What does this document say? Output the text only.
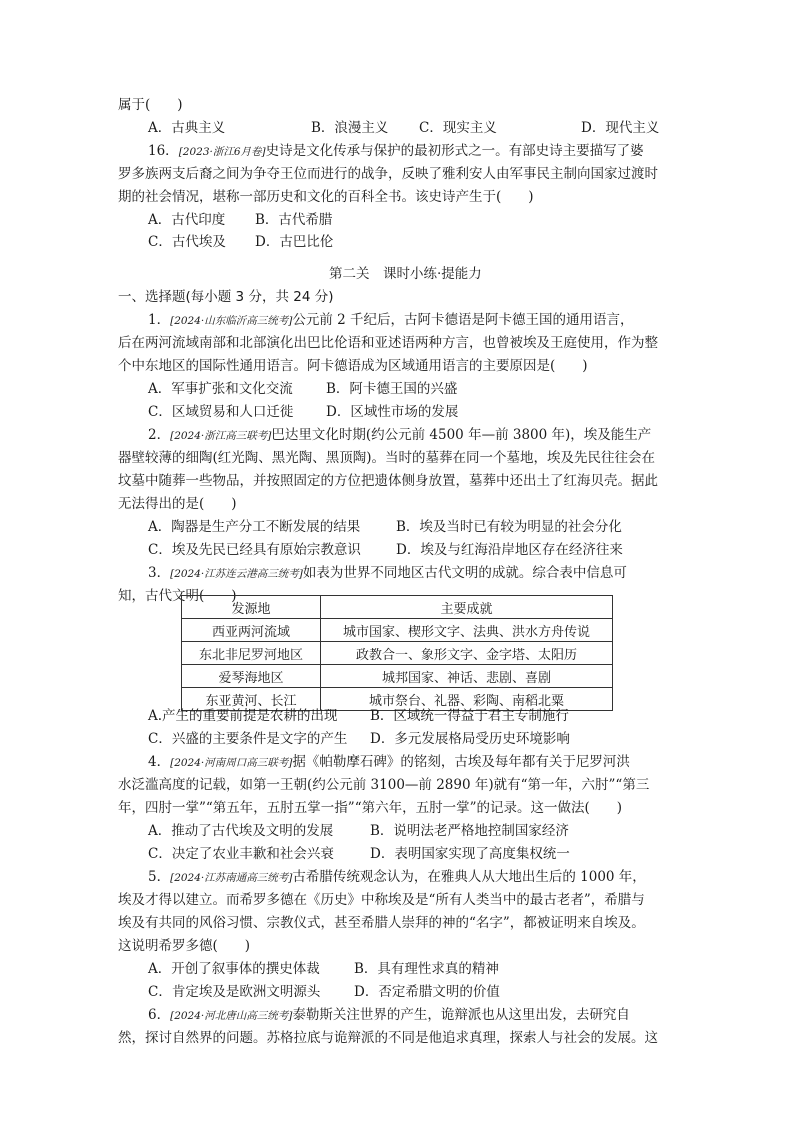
属于(　　)
A．古典主义	B．浪漫主义 C．现实主义	D．现代主义
16．[2023·浙江6月卷]史诗是文化传承与保护的最初形式之一。有部史诗主要描写了婆
罗多族两支后裔之间为争夺王位而进行的战争，反映了雅利安人由军事民主制向国家过渡时
期的社会情况，堪称一部历史和文化的百科全书。该史诗产生于(　　)
A．古代印度 B．古代希腊
C．古代埃及 D．古巴比伦
第二关　课时小练·提能力
一、选择题(每小题 3 分，共 24 分)
1．[2024·山东临沂高三统考]公元前 2 千纪后，古阿卡德语是阿卡德王国的通用语言，
后在两河流域南部和北部演化出巴比伦语和亚述语两种方言，也曾被埃及王庭使用，作为整
个中东地区的国际性通用语言。阿卡德语成为区域通用语言的主要原因是(　　)
A．军事扩张和文化交流 B．阿卡德王国的兴盛
C．区域贸易和人口迁徙 D．区域性市场的发展
2．[2024·浙江高三联考]巴达里文化时期(约公元前 4500 年—前 3800 年)，埃及能生产
器壁较薄的细陶(红光陶、黑光陶、黑顶陶)。当时的墓葬在同一个墓地，埃及先民往往会在
坟墓中随葬一些物品，并按照固定的方位把遗体侧身放置，墓葬中还出土了红海贝壳。据此
无法得出的是(　　)
A．陶器是生产分工不断发展的结果	B．埃及当时已有较为明显的社会分化
C．埃及先民已经具有原始宗教意识	D．埃及与红海沿岸地区存在经济往来
3．[2024·江苏连云港高三统考]如表为世界不同地区古代文明的成就。综合表中信息可
知，古代文明(　　)
发源地	主要成就
西亚两河流域	城市国家、楔形文字、法典、洪水方舟传说
东北非尼罗河地区	政教合一、象形文字、金字塔、太阳历
爱琴海地区	城邦国家、神话、悲剧、喜剧
东亚黄河、长江	城市祭台、礼器、彩陶、南稻北粟
A.产生的重要前提是农耕的出现 B．区域统一得益于君主专制施行
C．兴盛的主要条件是文字的产生 D．多元发展格局受历史环境影响
4．[2024·河南周口高三联考]据《帕勒摩石碑》的铭刻，古埃及每年都有关于尼罗河洪
水泛滥高度的记载，如第一王朝(约公元前 3100—前 2890 年)就有“第一年，六肘”“第三
年，四肘一掌”“第五年，五肘五掌一指”“第六年，五肘一掌”的记录。这一做法(　　)
A．推动了古代埃及文明的发展	B．说明法老严格地控制国家经济
C．决定了农业丰歉和社会兴衰	D．表明国家实现了高度集权统一
5．[2024·江苏南通高三统考]古希腊传统观念认为，在雅典人从大地出生后的 1000 年，
埃及才得以建立。而希罗多德在《历史》中称埃及是“所有人类当中的最古老者”，希腊与
埃及有共同的风俗习惯、宗教仪式，甚至希腊人崇拜的神的“名字”，都被证明来自埃及。
这说明希罗多德(　　)
A．开创了叙事体的撰史体裁	B．具有理性求真的精神
C．肯定埃及是欧洲文明源头 D．否定希腊文明的价值
6．[2024·河北唐山高三统考]泰勒斯关注世界的产生，诡辩派也从这里出发，去研究自
然，探讨自然界的问题。苏格拉底与诡辩派的不同是他追求真理，探索人与社会的发展。这
